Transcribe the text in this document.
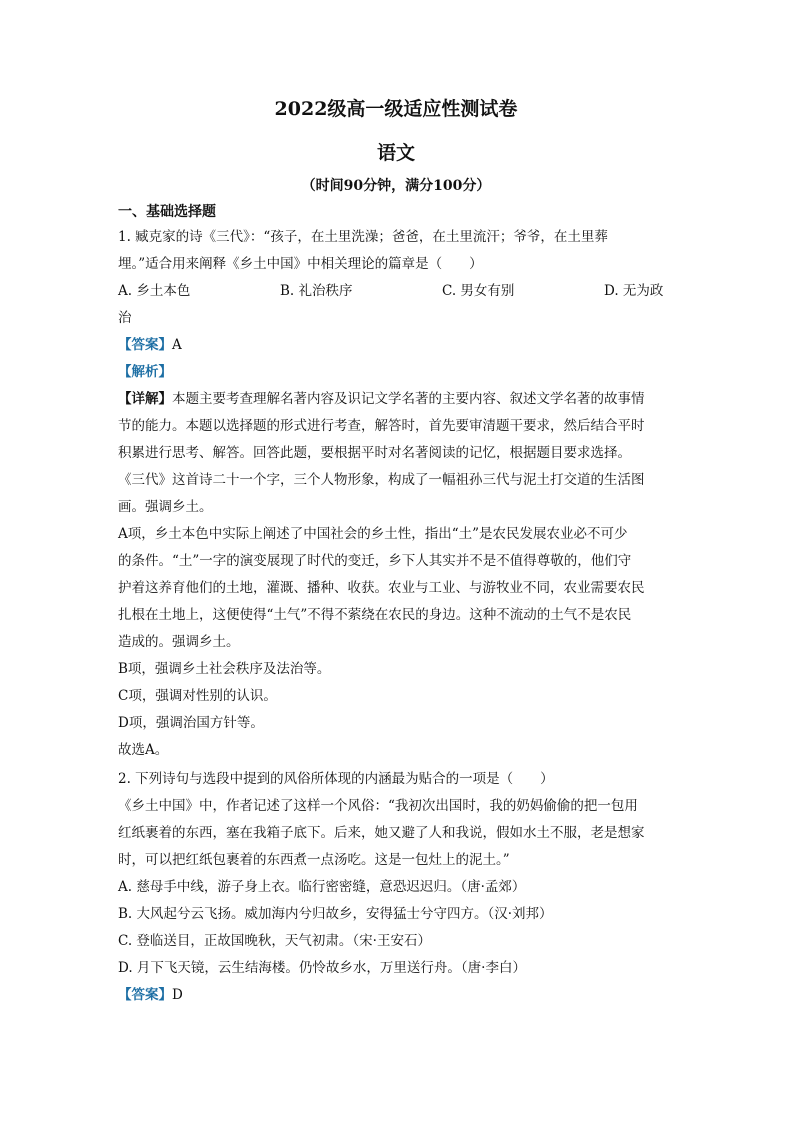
2022级高一级适应性测试卷

语文

（时间90分钟，满分100分）

一、基础选择题

1. 臧克家的诗《三代》：“孩子，在土里洗澡；爸爸，在土里流汗；爷爷，在土里葬

埋。”适合用来阐释《乡土中国》中相关理论的篇章是（　　）

A. 乡土本色	B. 礼治秩序	C. 男女有别	D. 无为政

治

【答案】A

【解析】

【详解】本题主要考查理解名著内容及识记文学名著的主要内容、叙述文学名著的故事情

节的能力。本题以选择题的形式进行考查，解答时，首先要审清题干要求，然后结合平时

积累进行思考、解答。回答此题，要根据平时对名著阅读的记忆，根据题目要求选择。

《三代》这首诗二十一个字，三个人物形象，构成了一幅祖孙三代与泥土打交道的生活图

画。强调乡土。

A项，乡土本色中实际上阐述了中国社会的乡土性，指出“土”是农民发展农业必不可少

的条件。“土”一字的演变展现了时代的变迁，乡下人其实并不是不值得尊敬的，他们守

护着这养育他们的土地，灌溉、播种、收获。农业与工业、与游牧业不同，农业需要农民

扎根在土地上，这便使得“土气”不得不萦绕在农民的身边。这种不流动的土气不是农民

造成的。强调乡土。

B项，强调乡土社会秩序及法治等。

C项，强调对性别的认识。

D项，强调治国方针等。

故选A。

2. 下列诗句与选段中提到的风俗所体现的内涵最为贴合的一项是（　　）

《乡土中国》中，作者记述了这样一个风俗：“我初次出国时，我的奶妈偷偷的把一包用

红纸裹着的东西，塞在我箱子底下。后来，她又避了人和我说，假如水土不服，老是想家

时，可以把红纸包裹着的东西煮一点汤吃。这是一包灶上的泥土。”

A. 慈母手中线，游子身上衣。临行密密缝，意恐迟迟归。（唐·孟郊）

B. 大风起兮云飞扬。威加海内兮归故乡，安得猛士兮守四方。（汉·刘邦）

C. 登临送目，正故国晚秋，天气初肃。（宋·王安石）

D. 月下飞天镜，云生结海楼。仍怜故乡水，万里送行舟。（唐·李白）

【答案】D
